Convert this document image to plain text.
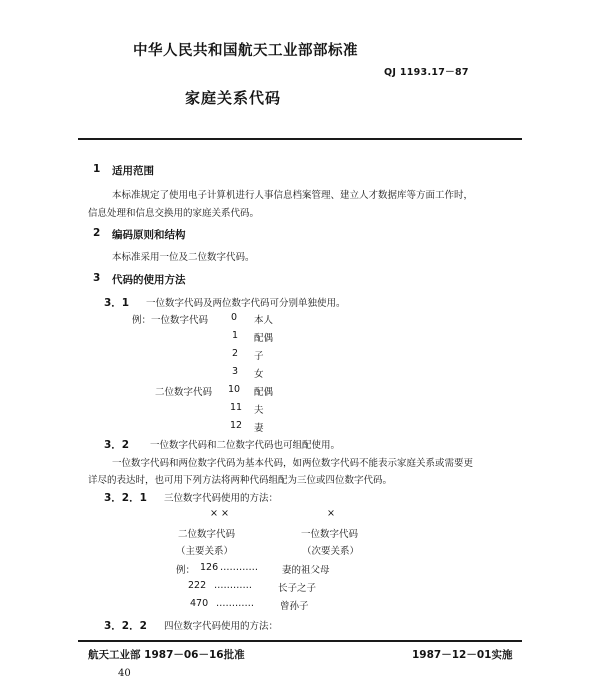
中华人民共和国航天工业部部标准
QJ 1193.17－87
家庭关系代码
1 适用范围
本标准规定了使用电子计算机进行人事信息档案管理、建立人才数据库等方面工作时，
信息处理和信息交换用的家庭关系代码。
2 编码原则和结构
本标准采用一位及二位数字代码。
3 代码的使用方法
3．1 一位数字代码及两位数字代码可分别单独使用。
例：一位数字代码 0 本人
1 配偶
2 子
3 女
二位数字代码 10 配偶
11 夫
12 妻
3．2 一位数字代码和二位数字代码也可组配使用。
一位数字代码和两位数字代码为基本代码，如两位数字代码不能表示家庭关系或需要更
详尽的表达时，也可用下列方法将两种代码组配为三位或四位数字代码。
3．2．1 三位数字代码使用的方法：
× ×	×
二位数字代码	一位数字代码
（主要关系）	（次要关系）
例： 126 …………	妻的祖父母
222 …………	长子之子
470 …………	曾孙子
3．2．2 四位数字代码使用的方法：
航天工业部 1987－06－16批准	1987－12－01实施
40
